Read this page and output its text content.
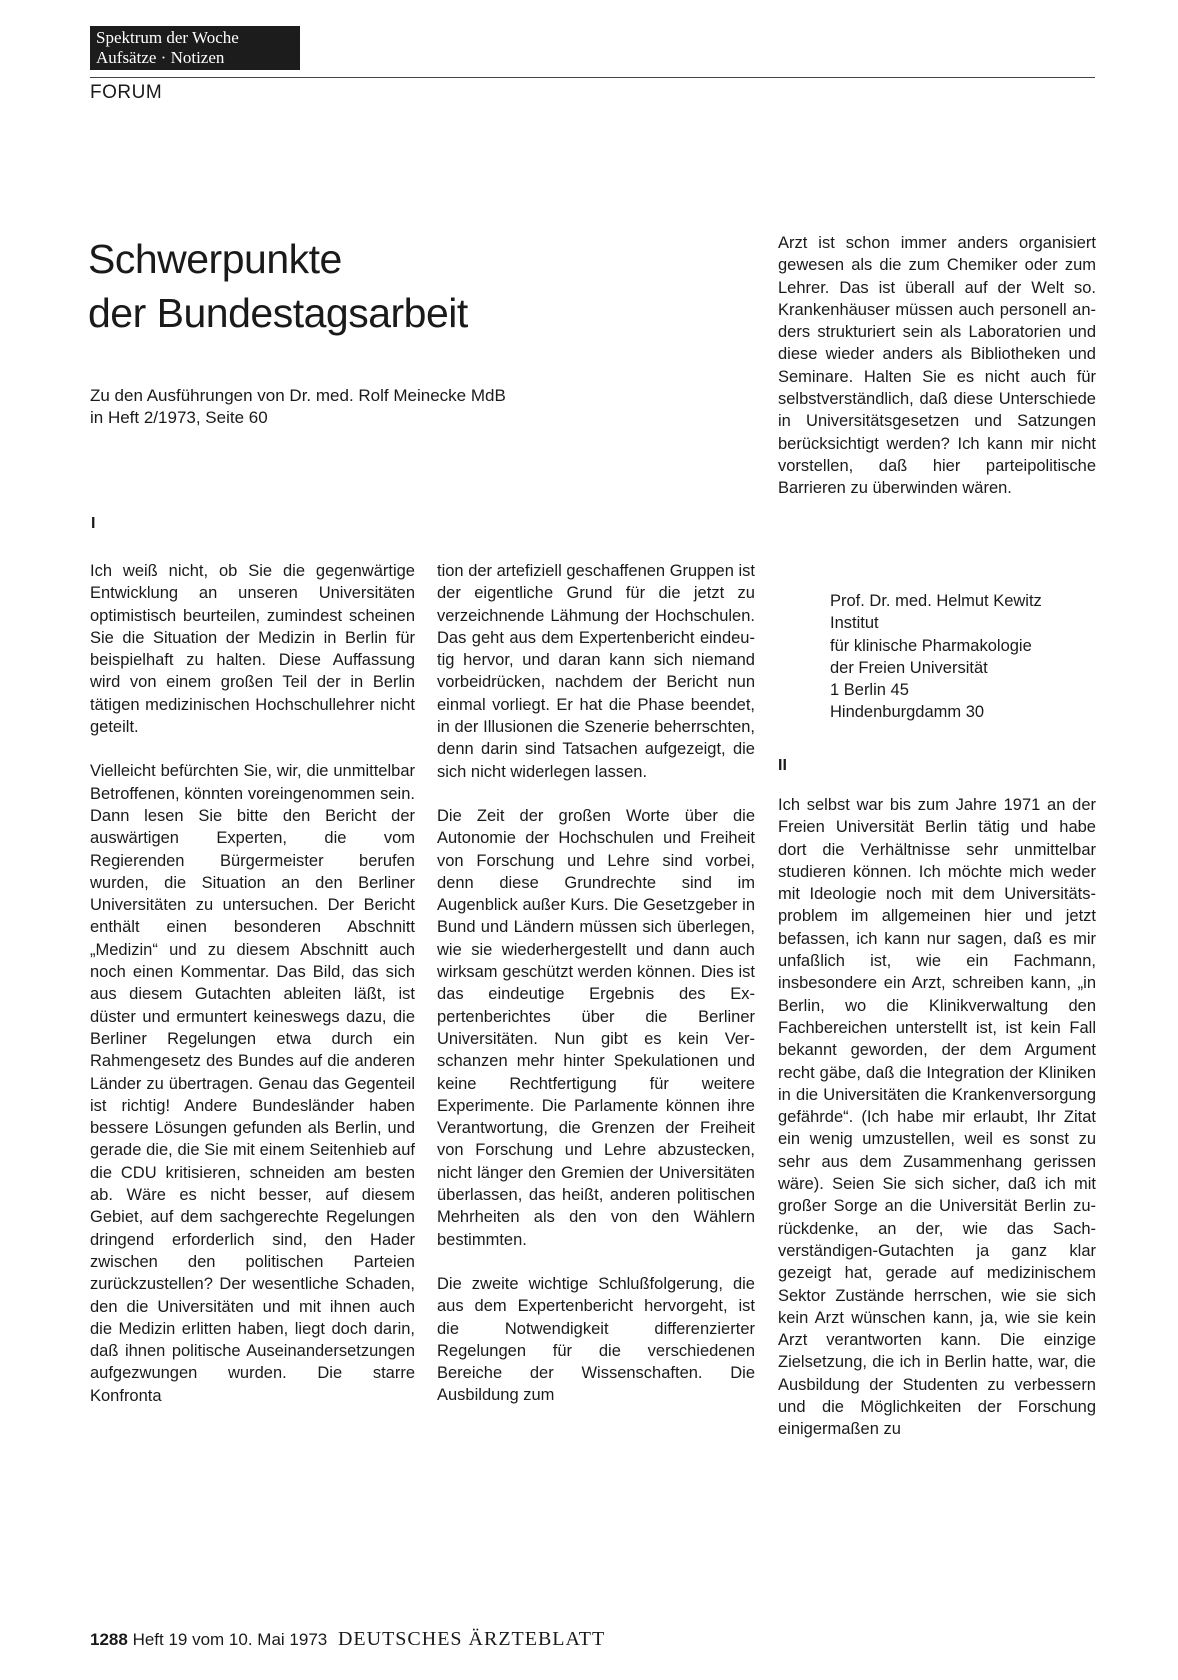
Spektrum der Woche
Aufsätze · Notizen
FORUM
Schwerpunkte
der Bundestagsarbeit
Zu den Ausführungen von Dr. med. Rolf Meinecke MdB
in Heft 2/1973, Seite 60
I

Ich weiß nicht, ob Sie die gegenwärtige Entwicklung an unseren Universitäten optimistisch beurteilen, zumindest scheinen Sie die Situation der Medizin in Berlin für beispielhaft zu halten. Diese Auffassung wird von einem großen Teil der in Berlin tätigen medizinischen Hochschullehrer nicht geteilt.

Vielleicht befürchten Sie, wir, die unmittelbar Betroffenen, könnten voreingenommen sein. Dann lesen Sie bitte den Bericht der auswärtigen Experten, die vom Regierenden Bürgermeister berufen wurden, die Situation an den Berliner Universitäten zu untersuchen. Der Bericht enthält einen besonderen Abschnitt „Medizin“ und zu diesem Abschnitt auch noch einen Kommentar. Das Bild, das sich aus diesem Gutachten ableiten läßt, ist düster und ermuntert keineswegs dazu, die Berliner Regelungen etwa durch ein Rahmengesetz des Bundes auf die anderen Länder zu übertragen. Genau das Gegenteil ist richtig! Andere Bundesländer haben bessere Lösungen gefunden als Berlin, und gerade die, die Sie mit einem Seitenhieb auf die CDU kritisieren, schneiden am besten ab. Wäre es nicht besser, auf diesem Gebiet, auf dem sachgerechte Regelungen dringend erforderlich sind, den Hader zwischen den politischen Parteien zurückzustellen? Der wesentliche Schaden, den die Universitäten und mit ihnen auch die Medizin erlitten haben, liegt doch darin, daß ihnen politische Auseinandersetzungen aufgezwungen wurden. Die starre Konfronta

tion der artefiziell geschaffenen Gruppen ist der eigentliche Grund für die jetzt zu verzeichnende Lähmung der Hochschulen. Das geht aus dem Expertenbericht eindeutig hervor, und daran kann sich niemand vorbeidrücken, nachdem der Bericht nun einmal vorliegt. Er hat die Phase beendet, in der Illusionen die Szenerie beherrschten, denn darin sind Tatsachen aufgezeigt, die sich nicht widerlegen lassen.

Die Zeit der großen Worte über die Autonomie der Hochschulen und Freiheit von Forschung und Lehre sind vorbei, denn diese Grundrechte sind im Augenblick außer Kurs. Die Gesetzgeber in Bund und Ländern müssen sich überlegen, wie sie wiederhergestellt und dann auch wirksam geschützt werden können. Dies ist das eindeutige Ergebnis des Expertenberichtes über die Berliner Universitäten. Nun gibt es kein Verschanzen mehr hinter Spekulationen und keine Rechtfertigung für weitere Experimente. Die Parlamente können ihre Verantwortung, die Grenzen der Freiheit von Forschung und Lehre abzustecken, nicht länger den Gremien der Universitäten überlassen, das heißt, anderen politischen Mehrheiten als den von den Wählern bestimmten.

Die zweite wichtige Schlußfolgerung, die aus dem Expertenbericht hervorgeht, ist die Notwendigkeit differenzierter Regelungen für die verschiedenen Bereiche der Wissenschaften. Die Ausbildung zum

Arzt ist schon immer anders organisiert gewesen als die zum Chemiker oder zum Lehrer. Das ist überall auf der Welt so. Krankenhäuser müssen auch personell anders strukturiert sein als Laboratorien und diese wieder anders als Bibliotheken und Seminare. Halten Sie es nicht auch für selbstverständlich, daß diese Unterschiede in Universitätsgesetzen und Satzungen berücksichtigt werden? Ich kann mir nicht vorstellen, daß hier parteipolitische Barrieren zu überwinden wären.

Prof. Dr. med. Helmut Kewitz
Institut
für klinische Pharmakologie
der Freien Universität
1 Berlin 45
Hindenburgdamm 30
II

Ich selbst war bis zum Jahre 1971 an der Freien Universität Berlin tätig und habe dort die Verhältnisse sehr unmittelbar studieren können. Ich möchte mich weder mit Ideologie noch mit dem Universitätsproblem im allgemeinen hier und jetzt befassen, ich kann nur sagen, daß es mir unfaßlich ist, wie ein Fachmann, insbesondere ein Arzt, schreiben kann, „in Berlin, wo die Klinikverwaltung den Fachbereichen unterstellt ist, ist kein Fall bekannt geworden, der dem Argument recht gäbe, daß die Integration der Kliniken in die Universitäten die Krankenversorgung gefährde“. (Ich habe mir erlaubt, Ihr Zitat ein wenig umzustellen, weil es sonst zu sehr aus dem Zusammenhang gerissen wäre). Seien Sie sich sicher, daß ich mit großer Sorge an die Universität Berlin zurückdenke, an der, wie das Sachverständigen-Gutachten ja ganz klar gezeigt hat, gerade auf medizinischem Sektor Zustände herrschen, wie sie sich kein Arzt wünschen kann, ja, wie sie kein Arzt verantworten kann. Die einzige Zielsetzung, die ich in Berlin hatte, war, die Ausbildung der Studenten zu verbessern und die Möglichkeiten der Forschung einigermaßen zu

1288 Heft 19 vom 10. Mai 1973 DEUTSCHES ÄRZTEBLATT
